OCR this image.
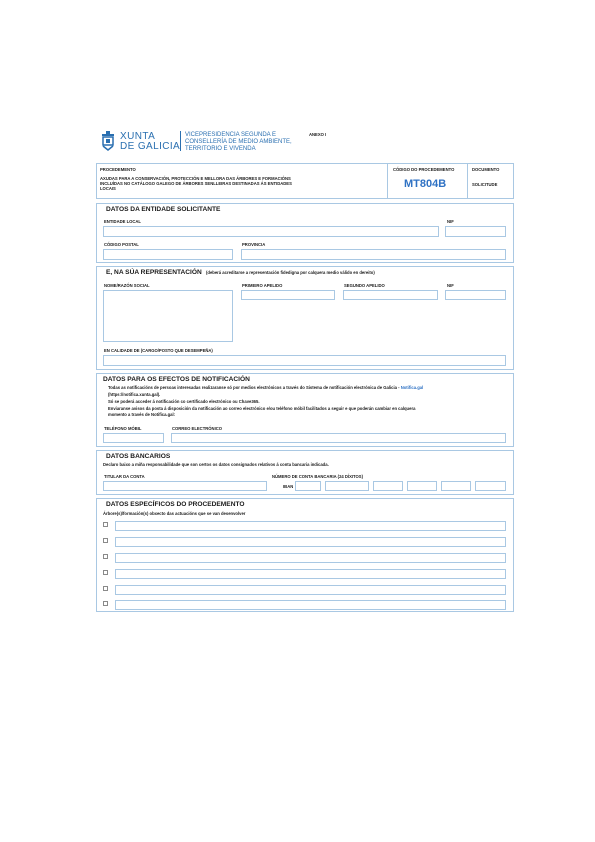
XUNTA
DE GALICIA
VICEPRESIDENCIA SEGUNDA E
CONSELLERÍA DE MEDIO AMBIENTE,
TERRITORIO E VIVENDA
ANEXO I
PROCEDEMENTO
AXUDAS PARA A CONSERVACIÓN, PROTECCIÓN E MELLORA DAS ÁRBORES E FORMACIÓNS
INCLUÍDAS NO CATÁLOGO GALEGO DE ÁRBORES SENLLEIRAS DESTINADAS ÁS ENTIDADES
LOCAIS
CÓDIGO DO PROCEDEMENTO
MT804B
DOCUMENTO
SOLICITUDE
DATOS DA ENTIDADE SOLICITANTE
ENTIDADE LOCAL	NIF
CÓDIGO POSTAL	PROVINCIA
E, NA SÚA REPRESENTACIÓN (deberá acreditarse a representación fidedigna por calquera medio válido en dereito)
NOME/RAZÓN SOCIAL	PRIMEIRO APELIDO	SEGUNDO APELIDO	NIF
EN CALIDADE DE (CARGO/POSTO QUE DESEMPEÑA)
DATOS PARA OS EFECTOS DE NOTIFICACIÓN
Todas as notificacións de persoas interesadas realizaranse só por medios electrónicos a través do Sistema de notificación electrónica de Galicia - Notifica.gal
(https://notifica.xunta.gal).
Só se poderá acceder á notificación co certificado electrónico ou Chave365.
Enviaranse avisos da posta á disposición da notificación ao correo electrónico e/ou teléfono móbil facilitados a seguir e que poderán cambiar en calquera
momento a través de Notifica.gal:
TELÉFONO MÓBIL	CORREO ELECTRÓNICO
DATOS BANCARIOS
Declaro baixo a miña responsabilidade que son certos os datos consignados relativos á conta bancaria indicada.
TITULAR DA CONTA	NÚMERO DE CONTA BANCARIA (24 DÍXITOS)
IBAN
DATOS ESPECÍFICOS DO PROCEDEMENTO
Árbore(s)/formación(s) obxecto das actuacións que se van desenvolver
